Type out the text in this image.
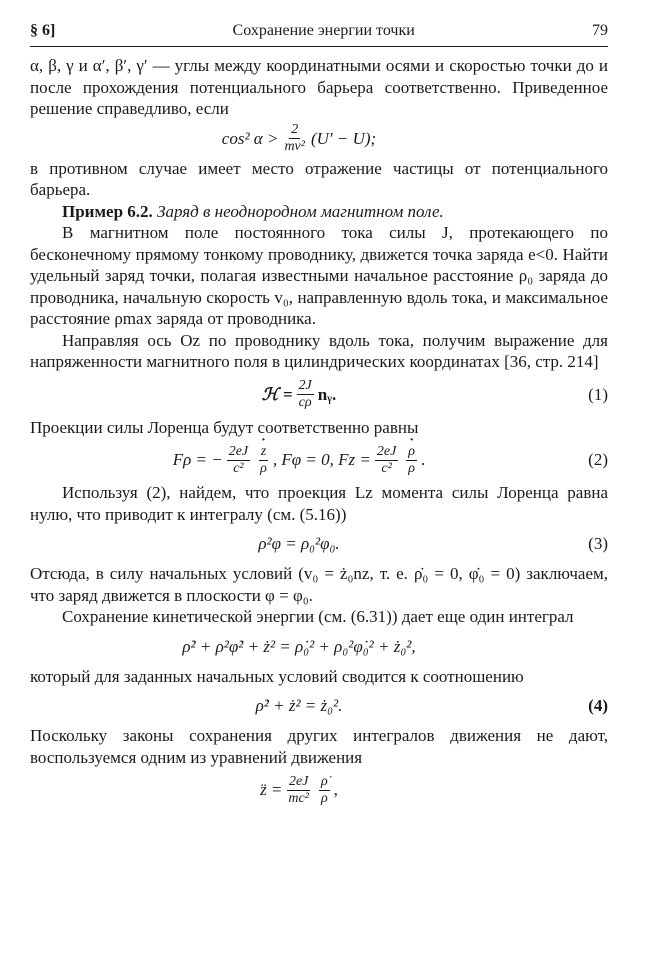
§ 6]	Сохранение энергии точки	79

α, β, γ и α′, β′, γ′ — углы между координатными осями и скоростью точки до и после прохождения потенциального барьера соответственно. Приведенное решение справедливо, если

cos² $\alpha > \frac{2}{\text{mv²}} (U' - U)$;

в противном случае имеет место отражение частицы от потенциального барьера.

Пример 6.2. Заряд в неоднородном магнитном поле.

В магнитном поле постоянного тока силы J, протекающего по бесконечному прямому тонкому проводнику, движется точка заряда e<0. Найти удельный заряд точки, полагая известными начальное расстояние ρ₀ заряда до проводника, начальную скорость v₀, направленную вдоль тока, и максимальное расстояние ρmax заряда от проводника.

Направляя ось Oz по проводнику вдоль тока, получим выражение для напряженности магнитного поля в цилиндрических координатах [36, стр. 214]

ℋ = $\frac{2J}{c\rho}$ nᵧ.	(1)

Проекции силы Лоренца будут соответственно равны

Fρ = − $\frac{2eJ}{\text{c²}}$
· $\frac{z}{\rho}$ , Fφ = 0, $Fz = \frac{2eJ}{\text{c²}}$
· $\frac{\rho}{\rho}$ .	(2)

Используя (2), найдем, что проекция Lz момента силы Лоренца равна нулю, что приводит к интегралу (см. (5.16))

ρ²φ = ρ₀²φ₀.	(3)

Отсюда, в силу начальных условий (v₀ = ż₀nz, т. е. ρ̇₀ = 0, φ̇₀ = 0) заключаем, что заряд движется в плоскости φ = φ₀.

Сохранение кинетической энергии (см. (6.31)) дает еще один интеграл

ρ̇² + ρ²φ̇² + ż² = ρ̇₀² + ρ₀²φ̇₀² + ż₀²,

который для заданных начальных условий сводится к соотношению

ρ̇² + ż² = ż₀².	(4)

Поскольку законы сохранения других интегралов движения не дают, воспользуемся одним из уравнений движения

z̈ = $\frac{2eJ}{\text{mc²}} \frac{\rhȯ}{\rho}$ ,
